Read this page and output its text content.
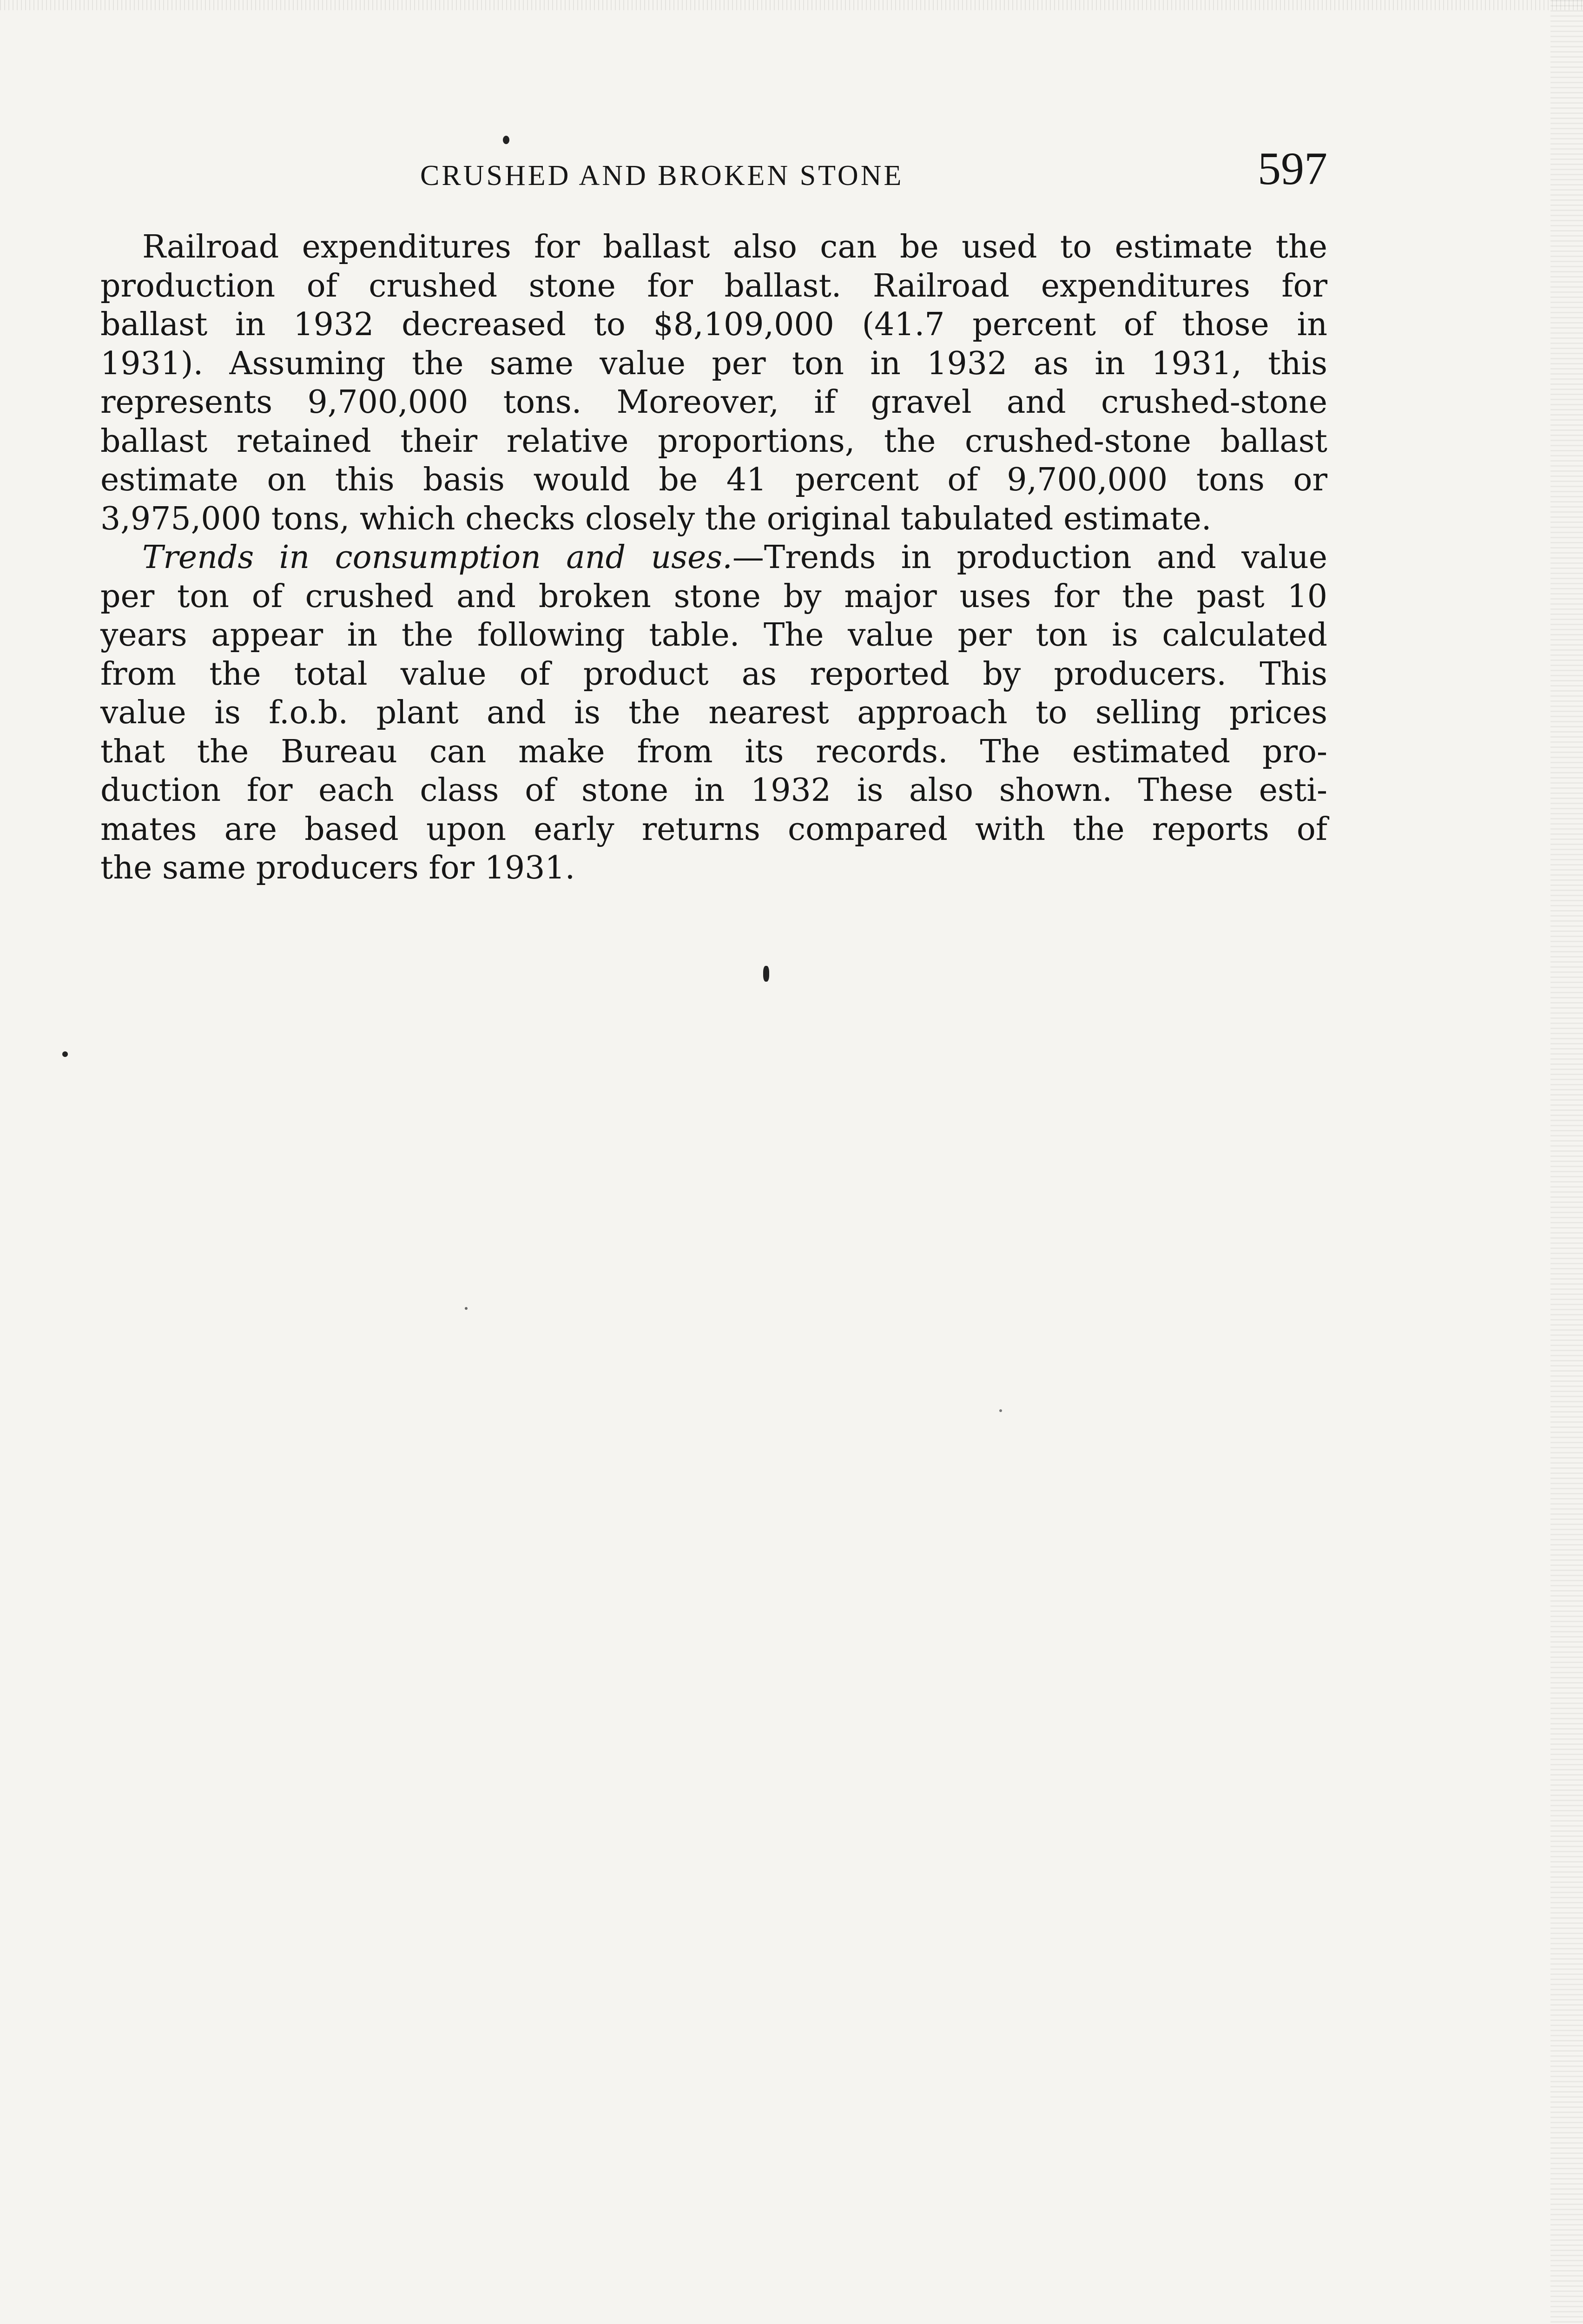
CRUSHED AND BROKEN STONE	597
Railroad expenditures for ballast also can be used to estimate the
production of crushed stone for ballast. Railroad expenditures for
ballast in 1932 decreased to $8,109,000 (41.7 percent of those in
1931). Assuming the same value per ton in 1932 as in 1931, this
represents 9,700,000 tons. Moreover, if gravel and crushed-stone
ballast retained their relative proportions, the crushed-stone ballast
estimate on this basis would be 41 percent of 9,700,000 tons or
3,975,000 tons, which checks closely the original tabulated estimate.
Trends in consumption and uses.—Trends in production and value
per ton of crushed and broken stone by major uses for the past 10
years appear in the following table. The value per ton is calculated
from the total value of product as reported by producers. This
value is f.o.b. plant and is the nearest approach to selling prices
that the Bureau can make from its records. The estimated pro-
duction for each class of stone in 1932 is also shown. These esti-
mates are based upon early returns compared with the reports of
the same producers for 1931.
